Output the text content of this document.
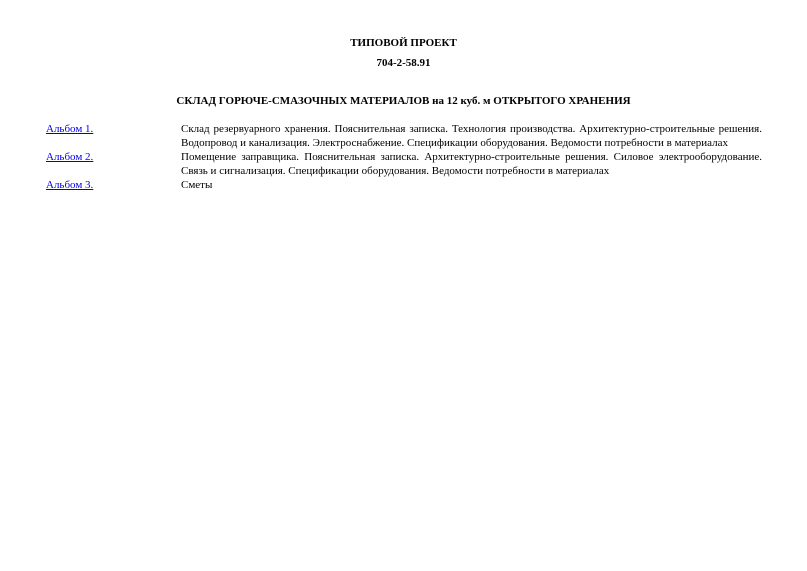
ТИПОВОЙ ПРОЕКТ
704-2-58.91
СКЛАД ГОРЮЧЕ-СМАЗОЧНЫХ МАТЕРИАЛОВ на 12 куб. м ОТКРЫТОГО ХРАНЕНИЯ
Альбом 1.	Склад резервуарного хранения. Пояснительная записка. Технология производства. Архитектурно-строительные решения. Водопровод и канализация. Электроснабжение. Спецификации оборудования. Ведомости потребности в материалах
Альбом 2.	Помещение заправщика. Пояснительная записка. Архитектурно-строительные решения. Силовое электрооборудование. Связь и сигнализация. Спецификации оборудования. Ведомости потребности в материалах
Альбом 3.	Сметы
